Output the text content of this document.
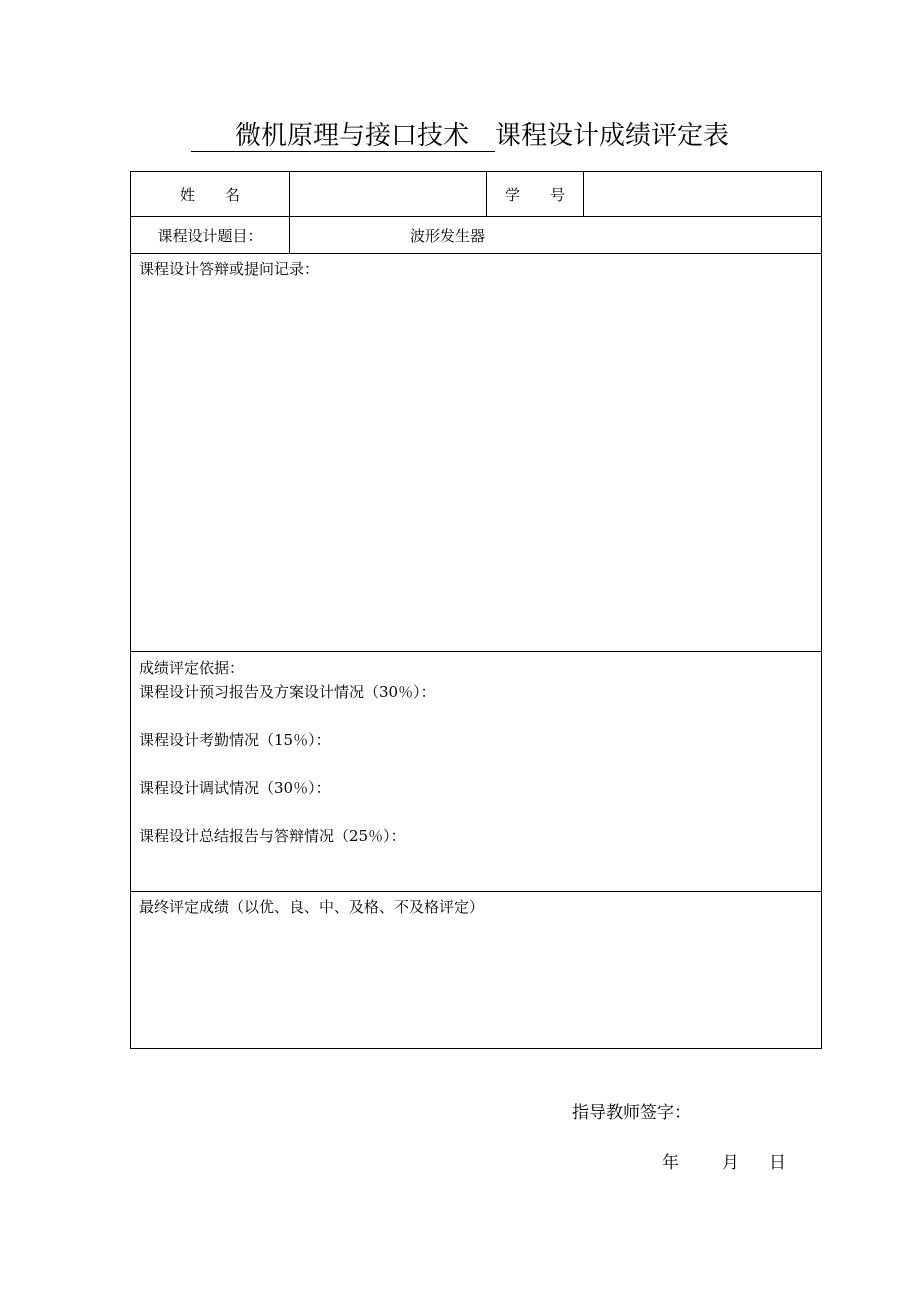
微机原理与接口技术 课程设计成绩评定表
姓　　名		学　　号	
课程设计题目：	波形发生器		

课程设计答辩或提问记录：			

成绩评定依据：
课程设计预习报告及方案设计情况（30％）：
课程设计考勤情况（15％）：
课程设计调试情况（30％）：
课程设计总结报告与答辩情况（25％）：			

最终评定成绩（以优、良、中、及格、不及格评定）			
指导教师签字：
年	月 日
